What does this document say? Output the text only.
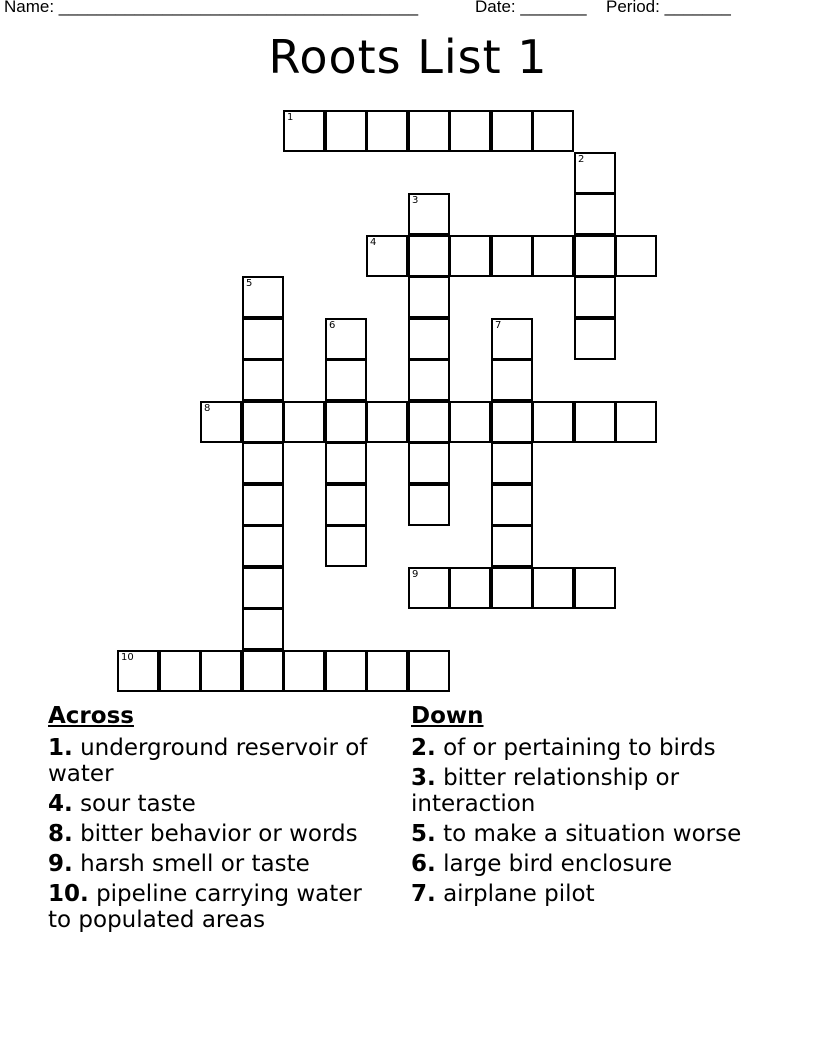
Name: ______________________________________	Date: _______ Period: _______
Roots List 1
1
2
3
4
5
6	7
8
9
10
Across
1. underground reservoir of water
4. sour taste
8. bitter behavior or words
9. harsh smell or taste
10. pipeline carrying water to populated areas
Down
2. of or pertaining to birds
3. bitter relationship or interaction
5. to make a situation worse
6. large bird enclosure
7. airplane pilot
